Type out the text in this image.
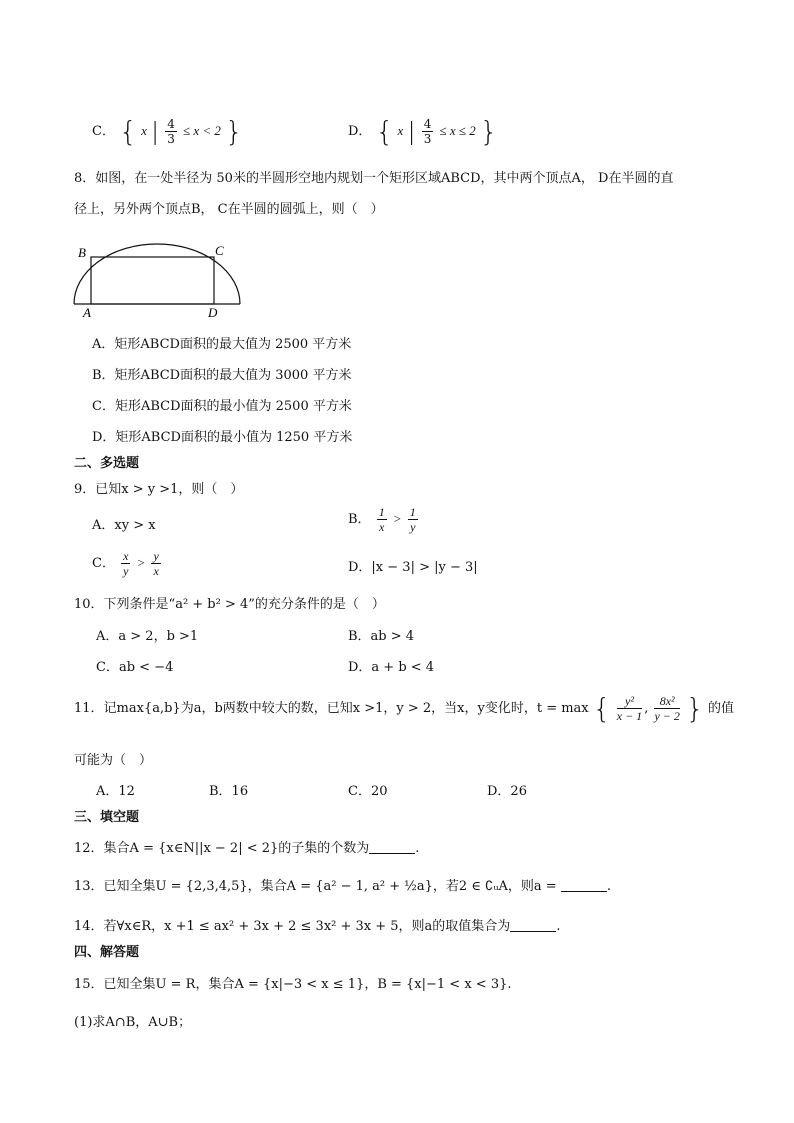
C． { x | $\frac{4}{3} \le x < 2$ }	D． { x | $\frac{4}{3} \le x \le 2$ }
8．如图，在一处半径为 50米的半圆形空地内规划一个矩形区域ABCD，其中两个顶点A， D在半圆的直
径上，另外两个顶点B， C在半圆的圆弧上，则（　）
B	C
A	D
A．矩形ABCD面积的最大值为 2500 平方米
B．矩形ABCD面积的最大值为 3000 平方米
C．矩形ABCD面积的最小值为 2500 平方米
D．矩形ABCD面积的最小值为 1250 平方米
二、多选题
9．已知x > y >1，则（　）
A．xy > x	B． $\frac{1}{x} > \frac{1}{y}$
C． $\frac{x}{y} > \frac{y}{x}$	D．|x − 3| > |y − 3|
10．下列条件是“a² + b² > 4”的充分条件的是（　）
A．a > 2，b >1	B．ab > 4
C．ab < −4	D．a + b < 4
11．记max{a,b}为a，b两数中较大的数，已知x >1，y > 2，当x，y变化时，t = max { $\frac{\text{y²}}{x - 1}$ , $\frac{\text{8x²}}{y - 2}$ } 的值
可能为（　）
A．12	B．16	C．20	D．26
三、填空题
12．集合A = {x∈N||x − 2| < 2}的子集的个数为	.
13．已知全集U = {2,3,4,5}，集合A = {a² − 1, a² + ½a}，若2 ∈ ∁ᵤA，则a =	.
14．若∀x∈R，x +1 ≤ ax² + 3x + 2 ≤ 3x² + 3x + 5，则a的取值集合为	.
四、解答题
15．已知全集U = R，集合A = {x|−3 < x ≤ 1}，B = {x|−1 < x < 3}.
(1)求A∩B，A∪B；
